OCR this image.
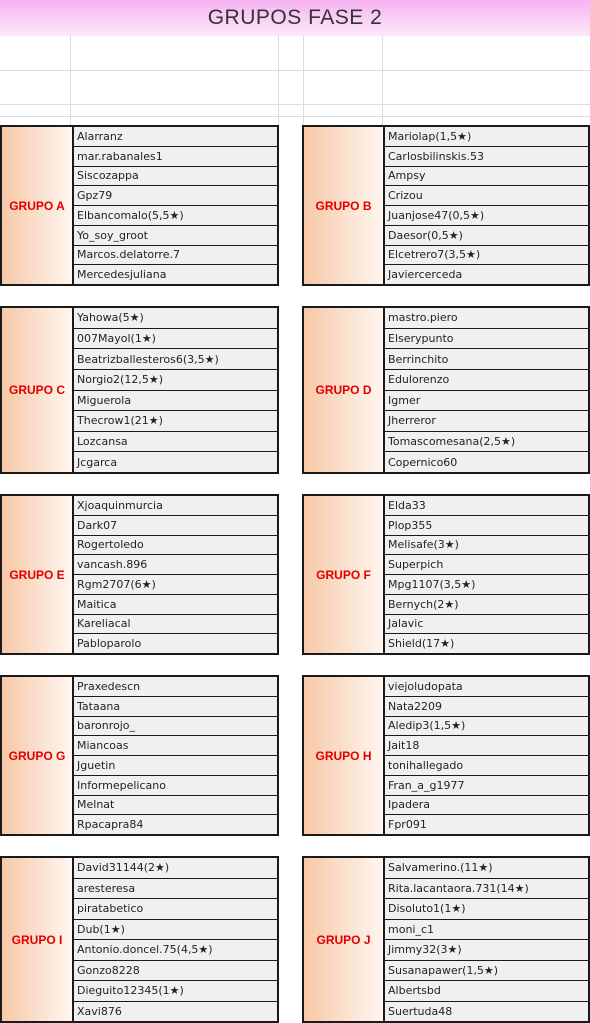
GRUPOS FASE 2
GRUPO A
Alarranz
mar.rabanales1
Siscozappa
Gpz79
Elbancomalo(5,5★)
Yo_soy_groot
Marcos.delatorre.7
Mercedesjuliana
GRUPO B
Mariolap(1,5★)
Carlosbilinskis.53
Ampsy
Crizou
Juanjose47(0,5★)
Daesor(0,5★)
Elcetrero7(3,5★)
Javiercerceda
GRUPO C
Yahowa(5★)
007Mayol(1★)
Beatrizballesteros6(3,5★)
Norgio2(12,5★)
Miguerola
Thecrow1(21★)
Lozcansa
Jcgarca
GRUPO D
mastro.piero
Elserypunto
Berrinchito
Edulorenzo
Igmer
Jherreror
Tomascomesana(2,5★)
Copernico60
GRUPO E
Xjoaquinmurcia
Dark07
Rogertoledo
vancash.896
Rgm2707(6★)
Maitica
Kareliacal
Pabloparolo
GRUPO F
Elda33
Plop355
Melisafe(3★)
Superpich
Mpg1107(3,5★)
Bernych(2★)
Jalavic
Shield(17★)
GRUPO G
Praxedescn
Tataana
baronrojo_
Miancoas
Jguetin
Informepelicano
Melnat
Rpacapra84
GRUPO H
viejoludopata
Nata2209
Aledip3(1,5★)
Jait18
tonihallegado
Fran_a_g1977
Ipadera
Fpr091
GRUPO I
David31144(2★)
aresteresa
piratabetico
Dub(1★)
Antonio.doncel.75(4,5★)
Gonzo8228
Dieguito12345(1★)
Xavi876
GRUPO J
Salvamerino.(11★)
Rita.lacantaora.731(14★)
Disoluto1(1★)
moni_c1
Jimmy32(3★)
Susanapawer(1,5★)
Albertsbd
Suertuda48
